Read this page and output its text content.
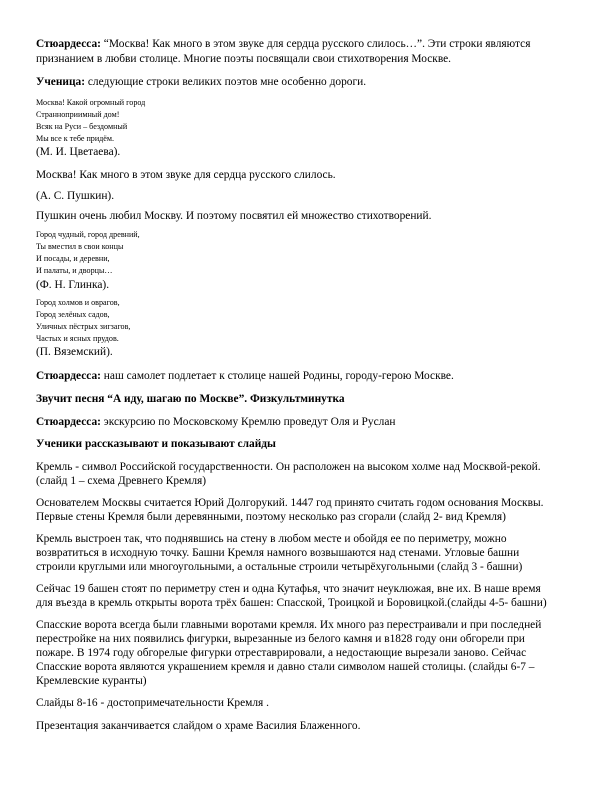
Стюардесса: “Москва! Как много в этом звуке для сердца русского слилось…”. Эти строки являются
признанием в любви столице. Многие поэты посвящали свои стихотворения Москве.
Ученица: следующие строки великих поэтов мне особенно дороги.
Москва! Какой огромный город
Странноприимный дом!
Всяк на Руси – бездомный
Мы все к тебе придём.
(М. И. Цветаева).
Москва! Как много в этом звуке для сердца русского слилось.
(А. С. Пушкин).
Пушкин очень любил Москву. И поэтому посвятил ей множество стихотворений.
Город чудный, город древний,
Ты вместил в свои концы
И посады, и деревни,
И палаты, и дворцы…
(Ф. Н. Глинка).
Город холмов и оврагов,
Город зелёных садов,
Уличных пёстрых зигзагов,
Частых и ясных прудов.
(П. Вяземский).
Стюардесса: наш самолет подлетает к столице нашей Родины, городу-герою Москве.
Звучит песня “А иду, шагаю по Москве”. Физкультминутка
Стюардесса: экскурсию по Московскому Кремлю проведут Оля и Руслан
Ученики рассказывают и показывают слайды
Кремль - символ Российской государственности. Он расположен на высоком холме над Москвой-рекой.
(слайд 1 – схема Древнего Кремля)
Основателем Москвы считается Юрий Долгорукий. 1447 год принято считать годом основания Москвы.
Первые стены Кремля были деревянными, поэтому несколько раз сгорали (слайд 2- вид Кремля)
Кремль выстроен так, что поднявшись на стену в любом месте и обойдя ее по периметру, можно
возвратиться в исходную точку. Башни Кремля намного возвышаются над стенами. Угловые башни
строили круглыми или многоугольными, а остальные строили четырёхугольными (слайд 3 - башни)
Сейчас 19 башен стоят по периметру стен и одна Кутафья, что значит неуклюжая, вне их. В наше время
для въезда в кремль открыты ворота трёх башен: Спасской, Троицкой и Боровицкой.(слайды 4-5- башни)
Спасские ворота всегда были главными воротами кремля. Их много раз перестраивали и при последней
перестройке на них появились фигурки, вырезанные из белого камня и в1828 году они обгорели при
пожаре. В 1974 году обгорелые фигурки отреставрировали, а недостающие вырезали заново. Сейчас
Спасские ворота являются украшением кремля и давно стали символом нашей столицы. (слайды 6-7 –
Кремлевские куранты)
Слайды 8-16 - достопримечательности Кремля .
Презентация заканчивается слайдом о храме Василия Блаженного.
